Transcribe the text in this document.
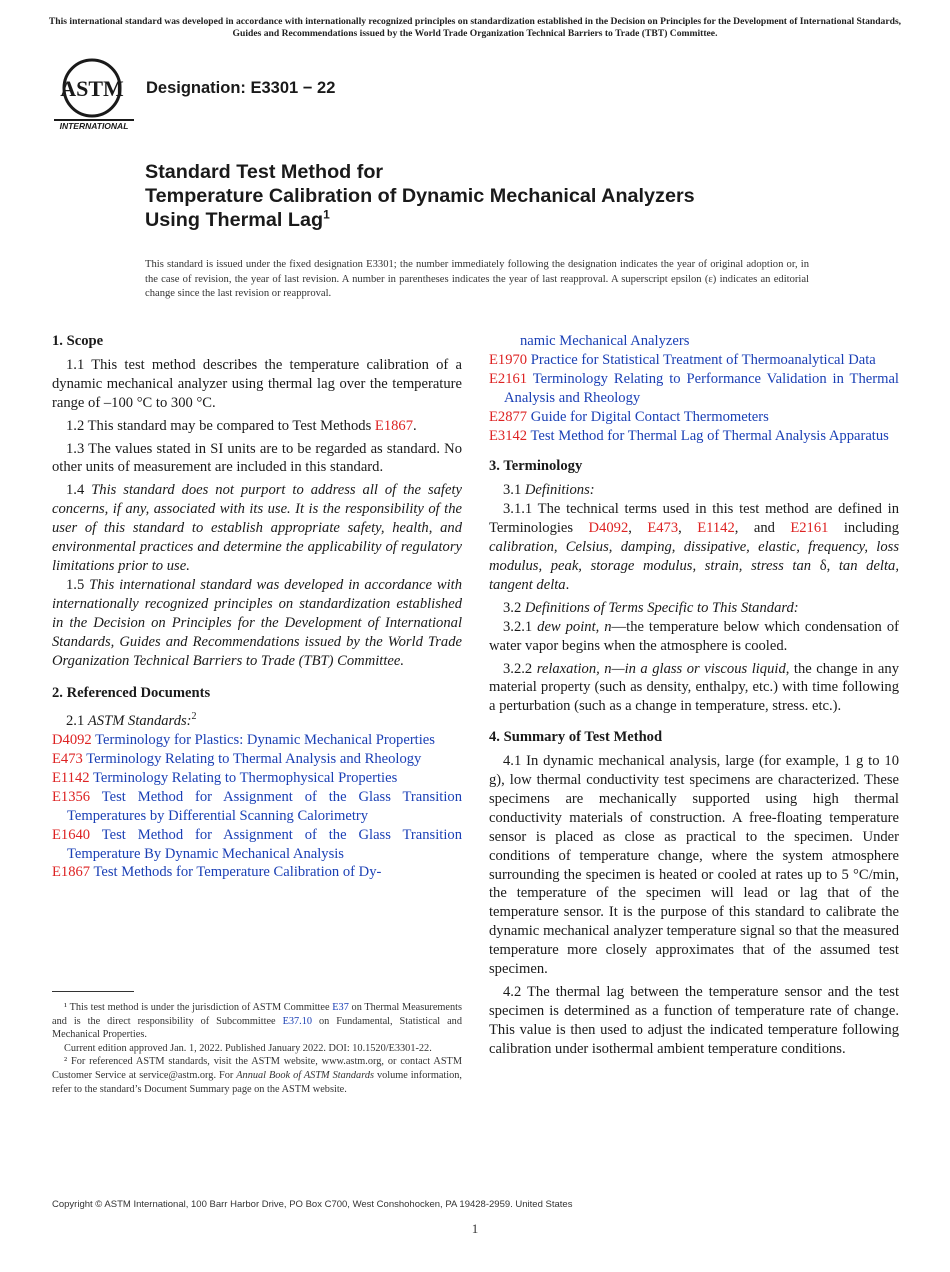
This international standard was developed in accordance with internationally recognized principles on standardization established in the Decision on Principles for the Development of International Standards, Guides and Recommendations issued by the World Trade Organization Technical Barriers to Trade (TBT) Committee.
ASTM
INTERNATIONAL
Designation: E3301 − 22
Standard Test Method for
Temperature Calibration of Dynamic Mechanical Analyzers
Using Thermal Lag$^1$
This standard is issued under the fixed designation E3301; the number immediately following the designation indicates the year of original adoption or, in the case of revision, the year of last revision. A number in parentheses indicates the year of last reapproval. A superscript epsilon (ε) indicates an editorial change since the last revision or reapproval.
1. Scope
1.1 This test method describes the temperature calibration of a dynamic mechanical analyzer using thermal lag over the temperature range of –100 °C to 300 °C.
1.2 This standard may be compared to Test Methods E1867.
1.3 The values stated in SI units are to be regarded as standard. No other units of measurement are included in this standard.
1.4 This standard does not purport to address all of the safety concerns, if any, associated with its use. It is the responsibility of the user of this standard to establish appropriate safety, health, and environmental practices and determine the applicability of regulatory limitations prior to use.
1.5 This international standard was developed in accordance with internationally recognized principles on standardization established in the Decision on Principles for the Development of International Standards, Guides and Recommendations issued by the World Trade Organization Technical Barriers to Trade (TBT) Committee.
2. Referenced Documents
2.1 ASTM Standards:$^2$
D4092 Terminology for Plastics: Dynamic Mechanical Properties
E473 Terminology Relating to Thermal Analysis and Rheology
E1142 Terminology Relating to Thermophysical Properties
E1356 Test Method for Assignment of the Glass Transition Temperatures by Differential Scanning Calorimetry
E1640 Test Method for Assignment of the Glass Transition Temperature By Dynamic Mechanical Analysis
E1867 Test Methods for Temperature Calibration of Dy-
¹ This test method is under the jurisdiction of ASTM Committee E37 on Thermal Measurements and is the direct responsibility of Subcommittee E37.10 on Fundamental, Statistical and Mechanical Properties.
Current edition approved Jan. 1, 2022. Published January 2022. DOI: 10.1520/E3301-22.
² For referenced ASTM standards, visit the ASTM website, www.astm.org, or contact ASTM Customer Service at service@astm.org. For Annual Book of ASTM Standards volume information, refer to the standard’s Document Summary page on the ASTM website.
namic Mechanical Analyzers
E1970 Practice for Statistical Treatment of Thermoanalytical Data
E2161 Terminology Relating to Performance Validation in Thermal Analysis and Rheology
E2877 Guide for Digital Contact Thermometers
E3142 Test Method for Thermal Lag of Thermal Analysis Apparatus
3. Terminology
3.1 Definitions:
3.1.1 The technical terms used in this test method are defined in Terminologies D4092, E473, E1142, and E2161 including calibration, Celsius, damping, dissipative, elastic, frequency, loss modulus, peak, storage modulus, strain, stress tan δ, tan delta, tangent delta.
3.2 Definitions of Terms Specific to This Standard:
3.2.1 dew point, n—the temperature below which condensation of water vapor begins when the atmosphere is cooled.
3.2.2 relaxation, n—in a glass or viscous liquid, the change in any material property (such as density, enthalpy, etc.) with time following a perturbation (such as a change in temperature, stress. etc.).
4. Summary of Test Method
4.1 In dynamic mechanical analysis, large (for example, 1 g to 10 g), low thermal conductivity test specimens are characterized. These specimens are mechanically supported using high thermal conductivity materials of construction. A free-floating temperature sensor is placed as close as practical to the specimen. Under conditions of temperature change, where the system atmosphere surrounding the specimen is heated or cooled at rates up to 5 °C/min, the temperature of the specimen will lead or lag that of the temperature sensor. It is the purpose of this standard to calibrate the dynamic mechanical analyzer temperature signal so that the measured temperature more closely approximates that of the assumed test specimen.
4.2 The thermal lag between the temperature sensor and the test specimen is determined as a function of temperature rate of change. This value is then used to adjust the indicated temperature following calibration under isothermal ambient temperature conditions.
Copyright © ASTM International, 100 Barr Harbor Drive, PO Box C700, West Conshohocken, PA 19428-2959. United States
1
